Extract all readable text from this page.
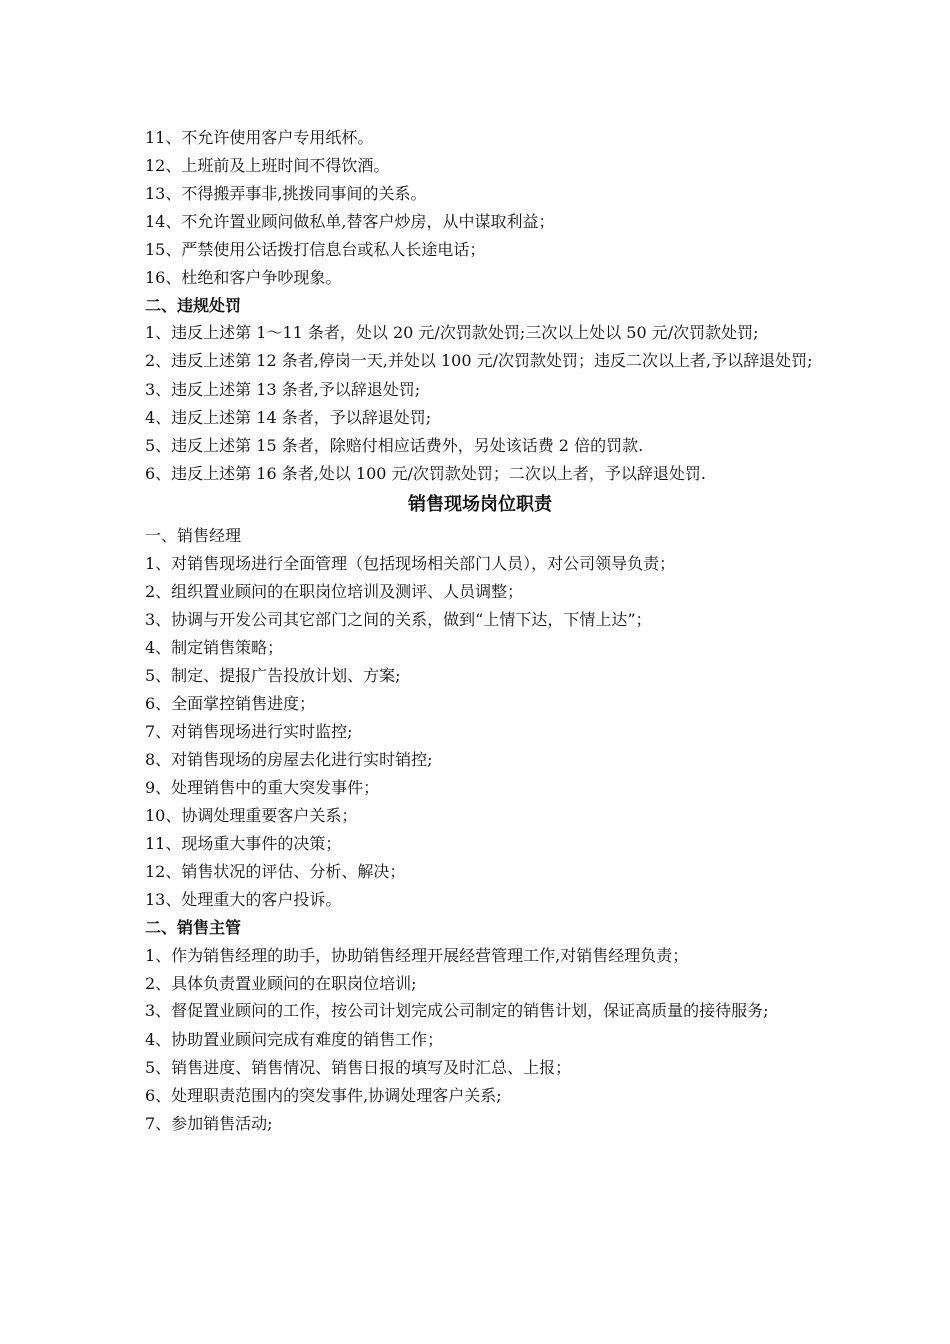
11、不允许使用客户专用纸杯。
12、上班前及上班时间不得饮酒。
13、不得搬弄事非,挑拨同事间的关系。
14、不允许置业顾问做私单,替客户炒房，从中谋取利益；
15、严禁使用公话拨打信息台或私人长途电话；
16、杜绝和客户争吵现象。
二、违规处罚
1、违反上述第 1～11 条者，处以 20 元/次罚款处罚;三次以上处以 50 元/次罚款处罚;
2、违反上述第 12 条者,停岗一天,并处以 100 元/次罚款处罚；违反二次以上者,予以辞退处罚;
3、违反上述第 13 条者,予以辞退处罚;
4、违反上述第 14 条者，予以辞退处罚;
5、违反上述第 15 条者，除赔付相应话费外，另处该话费 2 倍的罚款.
6、违反上述第 16 条者,处以 100 元/次罚款处罚；二次以上者，予以辞退处罚.
销售现场岗位职责
一、销售经理
1、对销售现场进行全面管理（包括现场相关部门人员），对公司领导负责；
2、组织置业顾问的在职岗位培训及测评、人员调整；
3、协调与开发公司其它部门之间的关系，做到“上情下达，下情上达”；
4、制定销售策略；
5、制定、提报广告投放计划、方案;
6、全面掌控销售进度；
7、对销售现场进行实时监控;
8、对销售现场的房屋去化进行实时销控;
9、处理销售中的重大突发事件；
10、协调处理重要客户关系；
11、现场重大事件的决策；
12、销售状况的评估、分析、解决；
13、处理重大的客户投诉。
二、销售主管
1、作为销售经理的助手，协助销售经理开展经营管理工作,对销售经理负责；
2、具体负责置业顾问的在职岗位培训;
3、督促置业顾问的工作，按公司计划完成公司制定的销售计划，保证高质量的接待服务;
4、协助置业顾问完成有难度的销售工作；
5、销售进度、销售情况、销售日报的填写及时汇总、上报；
6、处理职责范围内的突发事件,协调处理客户关系;
7、参加销售活动;
